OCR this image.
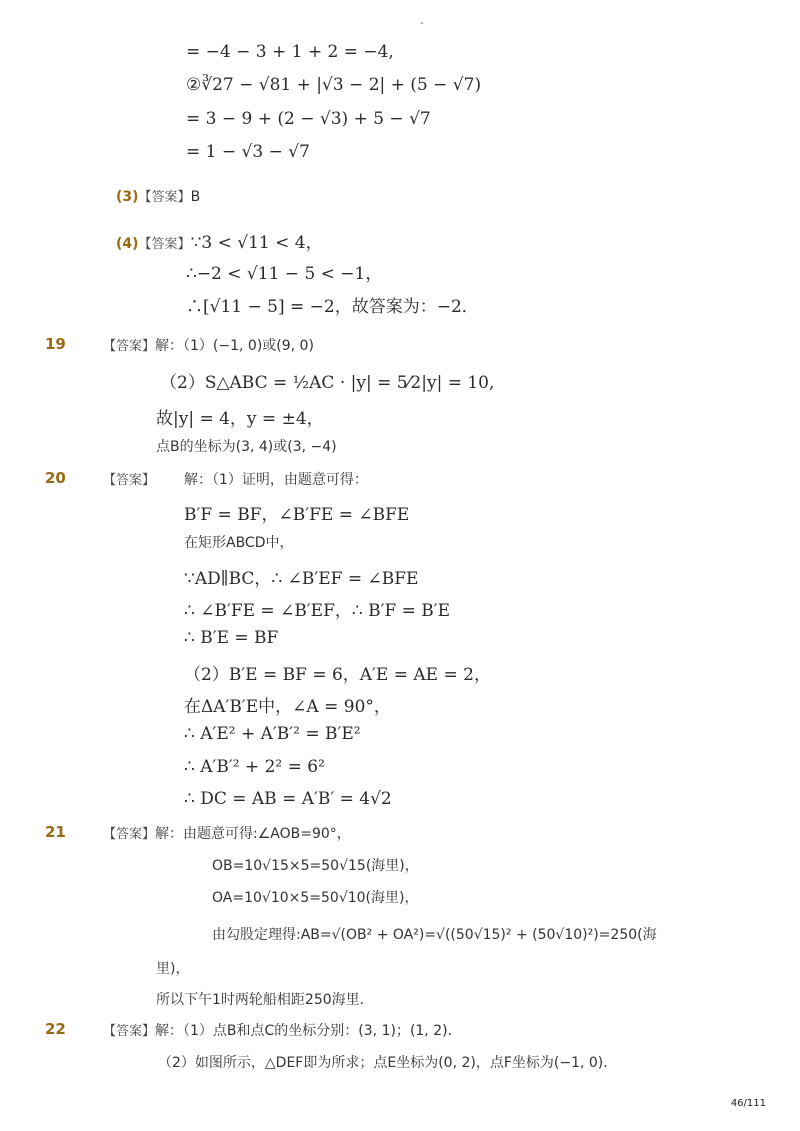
-
= −4 − 3 + 1 + 2 = −4,
②∛27 − √81 + |√3 − 2| + (5 − √7)
= 3 − 9 + (2 − √3) + 5 − √7
= 1 − √3 − √7
(3)【答案】B
(4)【答案】∵3 < √11 < 4，
∴−2 < √11 − 5 < −1，
∴[√11 − 5] = −2，故答案为：−2．
19	【答案】解：（1）(−1, 0)或(9, 0)
（2）S△ABC = ½AC · |y| = 5⁄2|y| = 10,
故|y| = 4，y = ±4，
点B的坐标为(3, 4)或(3, −4)
20	【答案】 解：（1）证明，由题意可得：
B′F = BF，∠B′FE = ∠BFE
在矩形ABCD中，
∵AD∥BC，∴ ∠B′EF = ∠BFE
∴ ∠B′FE = ∠B′EF，∴ B′F = B′E
∴ B′E = BF
（2）B′E = BF = 6，A′E = AE = 2，
在ΔA′B′E中，∠A = 90°，
∴ A′E² + A′B′² = B′E²
∴ A′B′² + 2² = 6²
∴ DC = AB = A′B′ = 4√2
21	【答案】解：由题意可得:∠AOB=90°，
OB=10√15×5=50√15(海里)，
OA=10√10×5=50√10(海里)，
由勾股定理得:AB=√(OB² + OA²)=√((50√15)² + (50√10)²)=250(海
里)，
所以下午1时两轮船相距250海里．
22	【答案】解：（1）点B和点C的坐标分别：(3, 1)；(1, 2)．
（2）如图所示，△DEF即为所求；点E坐标为(0, 2)，点F坐标为(−1, 0)．
46/111
